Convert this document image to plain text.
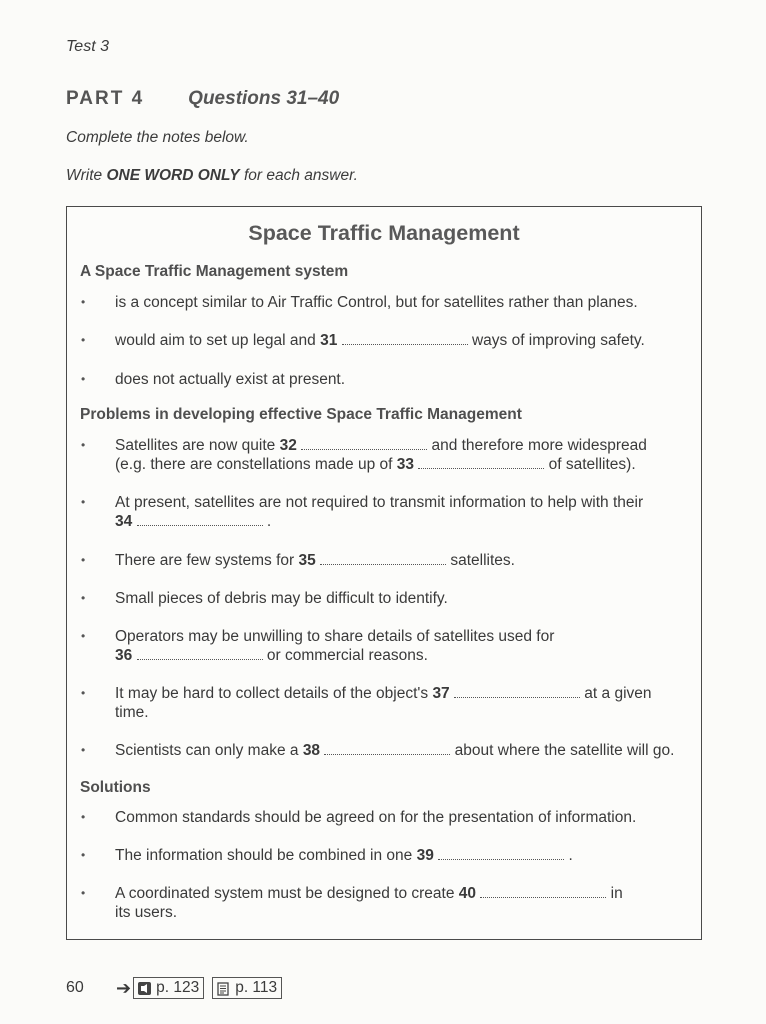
Test 3
PART 4 Questions 31–40
Complete the notes below.
Write ONE WORD ONLY for each answer.
Space Traffic Management
A Space Traffic Management system
• is a concept similar to Air Traffic Control, but for satellites rather than planes.
• would aim to set up legal and 31	ways of improving safety.
• does not actually exist at present.
Problems in developing effective Space Traffic Management
• Satellites are now quite 32	and therefore more widespread
(e.g. there are constellations made up of 33	of satellites).
• At present, satellites are not required to transmit information to help with their
34	.
• There are few systems for 35	satellites.
• Small pieces of debris may be difficult to identify.
• Operators may be unwilling to share details of satellites used for
36	or commercial reasons.
• It may be hard to collect details of the object's 37	at a given
time.
• Scientists can only make a 38	about where the satellite will go.
Solutions
• Common standards should be agreed on for the presentation of information.
• The information should be combined in one 39	.
• A coordinated system must be designed to create 40	in
its users.
60	➔ p. 123 p. 113
